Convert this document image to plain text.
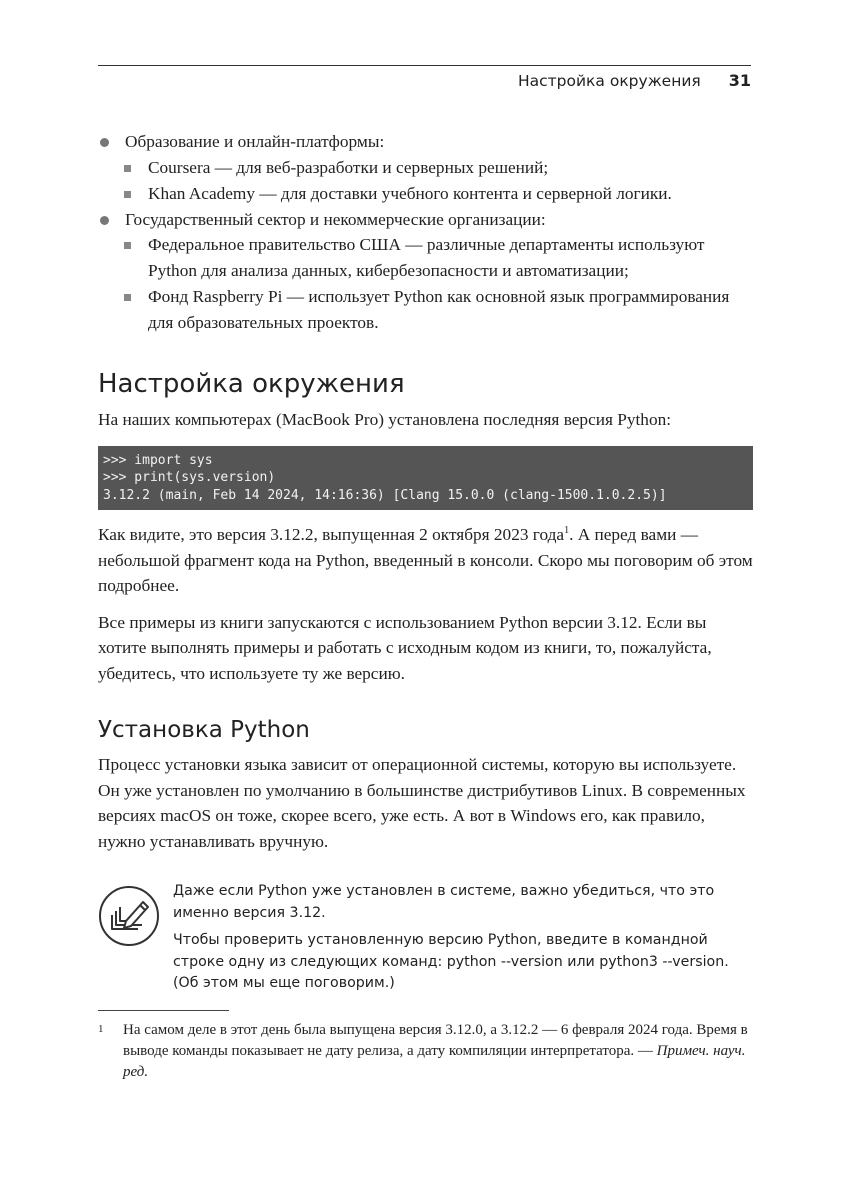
Настройка окружения 31
Образование и онлайн-платформы:
Coursera — для веб-разработки и серверных решений;
Khan Academy — для доставки учебного контента и серверной логики.
Государственный сектор и некоммерческие организации:
Федеральное правительство США — различные департаменты используют Python для анализа данных, кибербезопасности и автоматизации;
Фонд Raspberry Pi — использует Python как основной язык программирования для образовательных проектов.
Настройка окружения

На наших компьютерах (MacBook Pro) установлена последняя версия Python:

>>> import sys
>>> print(sys.version)
3.12.2 (main, Feb 14 2024, 14:16:36) [Clang 15.0.0 (clang-1500.1.0.2.5)]

Как видите, это версия 3.12.2, выпущенная 2 октября 2023 года$^1$. А перед вами — небольшой фрагмент кода на Python, введенный в консоли. Скоро мы поговорим об этом подробнее.

Все примеры из книги запускаются с использованием Python версии 3.12. Если вы хотите выполнять примеры и работать с исходным кодом из книги, то, пожалуйста, убедитесь, что используете ту же версию.

Установка Python

Процесс установки языка зависит от операционной системы, которую вы используете. Он уже установлен по умолчанию в большинстве дистрибутивов Linux. В современных версиях macOS он тоже, скорее всего, уже есть. А вот в Windows его, как правило, нужно устанавливать вручную.

Даже если Python уже установлен в системе, важно убедиться, что это именно версия 3.12.

Чтобы проверить установленную версию Python, введите в командной строке одну из следующих команд: python --version или python3 --version. (Об этом мы еще поговорим.)

1	На самом деле в этот день была выпущена версия 3.12.0, а 3.12.2 — 6 февраля 2024 года. Время в выводе команды показывает не дату релиза, а дату компиляции интерпретатора. — Примеч. науч. ред.
